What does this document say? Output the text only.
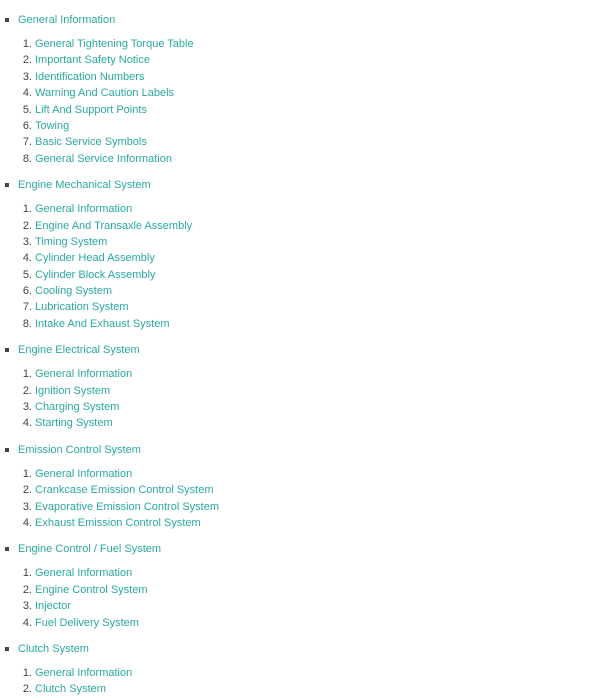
General Information
1. General Tightening Torque Table
2. Important Safety Notice
3. Identification Numbers
4. Warning And Caution Labels
5. Lift And Support Points
6. Towing
7. Basic Service Symbols
8. General Service Information
Engine Mechanical System
1. General Information
2. Engine And Transaxle Assembly
3. Timing System
4. Cylinder Head Assembly
5. Cylinder Block Assembly
6. Cooling System
7. Lubrication System
8. Intake And Exhaust System
Engine Electrical System
1. General Information
2. Ignition System
3. Charging System
4. Starting System
Emission Control System
1. General Information
2. Crankcase Emission Control System
3. Evaporative Emission Control System
4. Exhaust Emission Control System
Engine Control / Fuel System
1. General Information
2. Engine Control System
3. Injector
4. Fuel Delivery System
Clutch System
1. General Information
2. Clutch System
